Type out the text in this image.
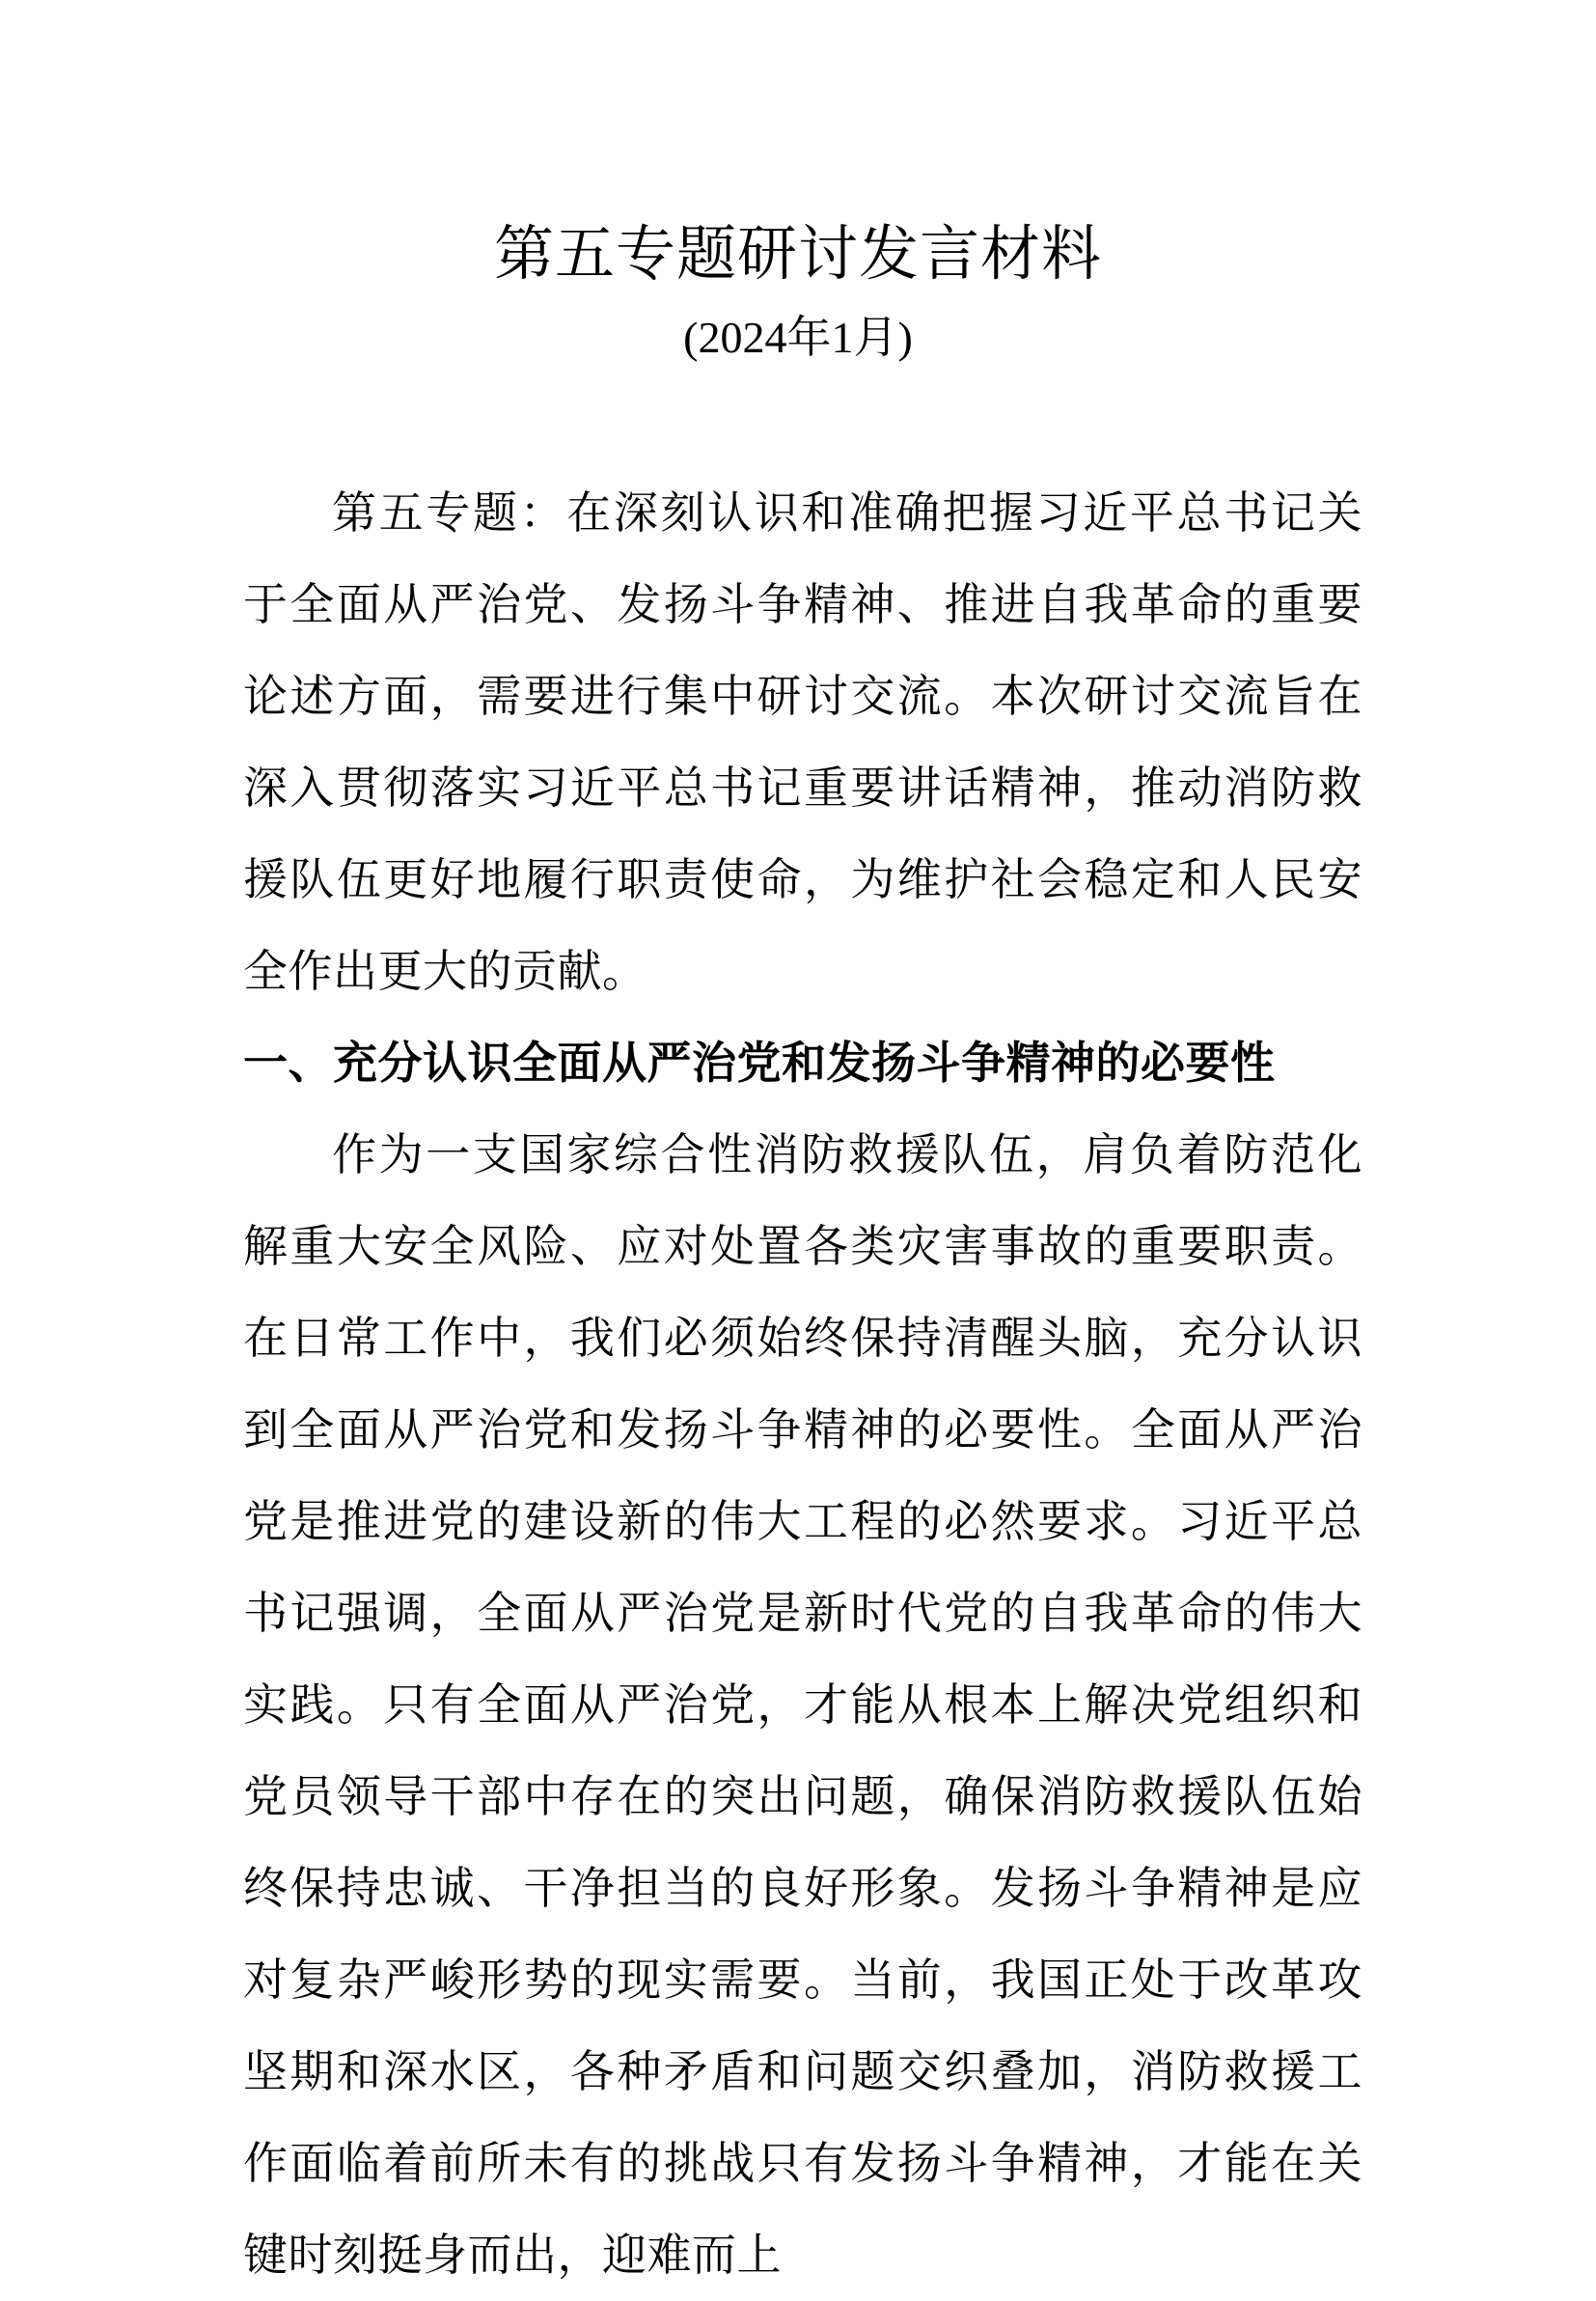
第五专题研讨发言材料
(2024年1月)

第五专题：在深刻认识和准确把握习近平总书记关于全面从严治党、发扬斗争精神、推进自我革命的重要论述方面，需要进行集中研讨交流。本次研讨交流旨在深入贯彻落实习近平总书记重要讲话精神，推动消防救援队伍更好地履行职责使命，为维护社会稳定和人民安全作出更大的贡献。

一、充分认识全面从严治党和发扬斗争精神的必要性

作为一支国家综合性消防救援队伍，肩负着防范化解重大安全风险、应对处置各类灾害事故的重要职责。在日常工作中，我们必须始终保持清醒头脑，充分认识到全面从严治党和发扬斗争精神的必要性。全面从严治党是推进党的建设新的伟大工程的必然要求。习近平总书记强调，全面从严治党是新时代党的自我革命的伟大实践。只有全面从严治党，才能从根本上解决党组织和党员领导干部中存在的突出问题，确保消防救援队伍始终保持忠诚、干净担当的良好形象。发扬斗争精神是应对复杂严峻形势的现实需要。当前，我国正处于改革攻坚期和深水区，各种矛盾和问题交织叠加，消防救援工作面临着前所未有的挑战只有发扬斗争精神，才能在关键时刻挺身而出，迎难而上
